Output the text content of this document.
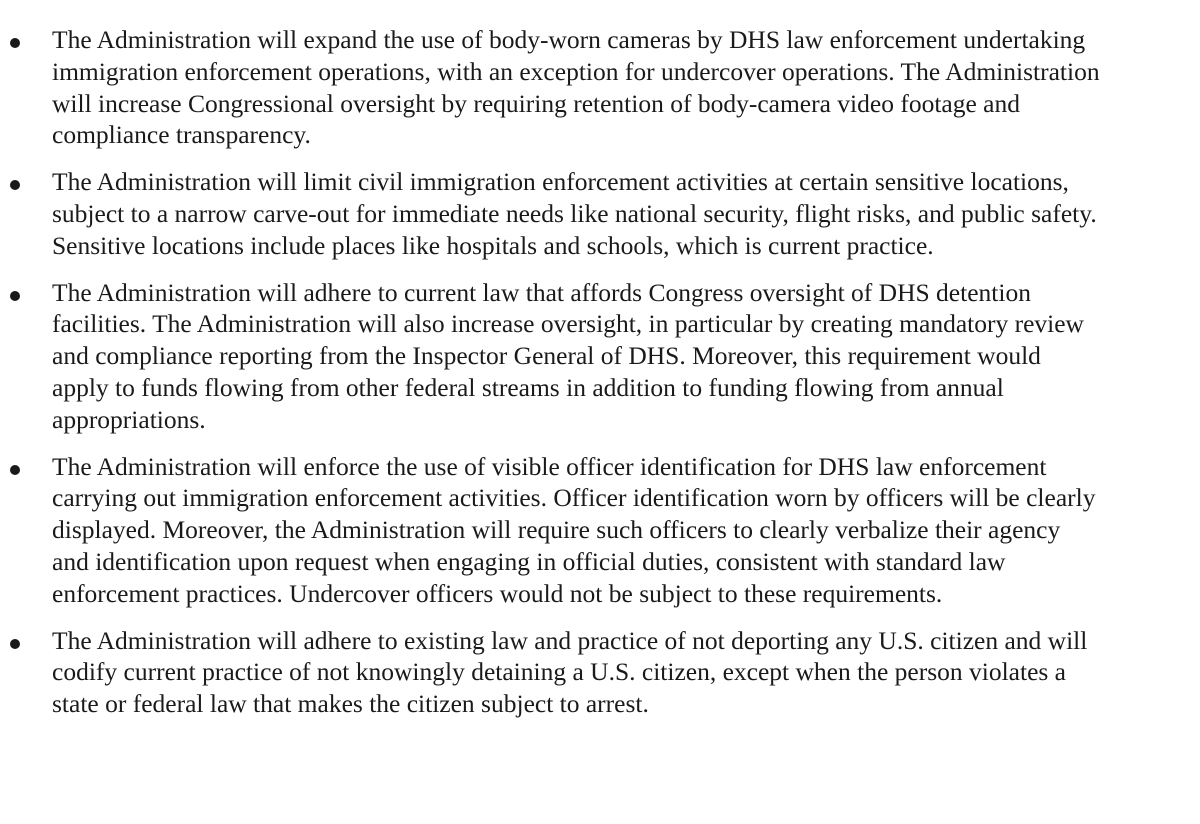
The Administration will expand the use of body-worn cameras by DHS law enforcement undertaking immigration enforcement operations, with an exception for undercover operations. The Administration will increase Congressional oversight by requiring retention of body-camera video footage and compliance transparency.
The Administration will limit civil immigration enforcement activities at certain sensitive locations, subject to a narrow carve-out for immediate needs like national security, flight risks, and public safety. Sensitive locations include places like hospitals and schools, which is current practice.
The Administration will adhere to current law that affords Congress oversight of DHS detention facilities. The Administration will also increase oversight, in particular by creating mandatory review and compliance reporting from the Inspector General of DHS. Moreover, this requirement would apply to funds flowing from other federal streams in addition to funding flowing from annual appropriations.
The Administration will enforce the use of visible officer identification for DHS law enforcement carrying out immigration enforcement activities. Officer identification worn by officers will be clearly displayed. Moreover, the Administration will require such officers to clearly verbalize their agency and identification upon request when engaging in official duties, consistent with standard law enforcement practices. Undercover officers would not be subject to these requirements.
The Administration will adhere to existing law and practice of not deporting any U.S. citizen and will codify current practice of not knowingly detaining a U.S. citizen, except when the person violates a state or federal law that makes the citizen subject to arrest.
